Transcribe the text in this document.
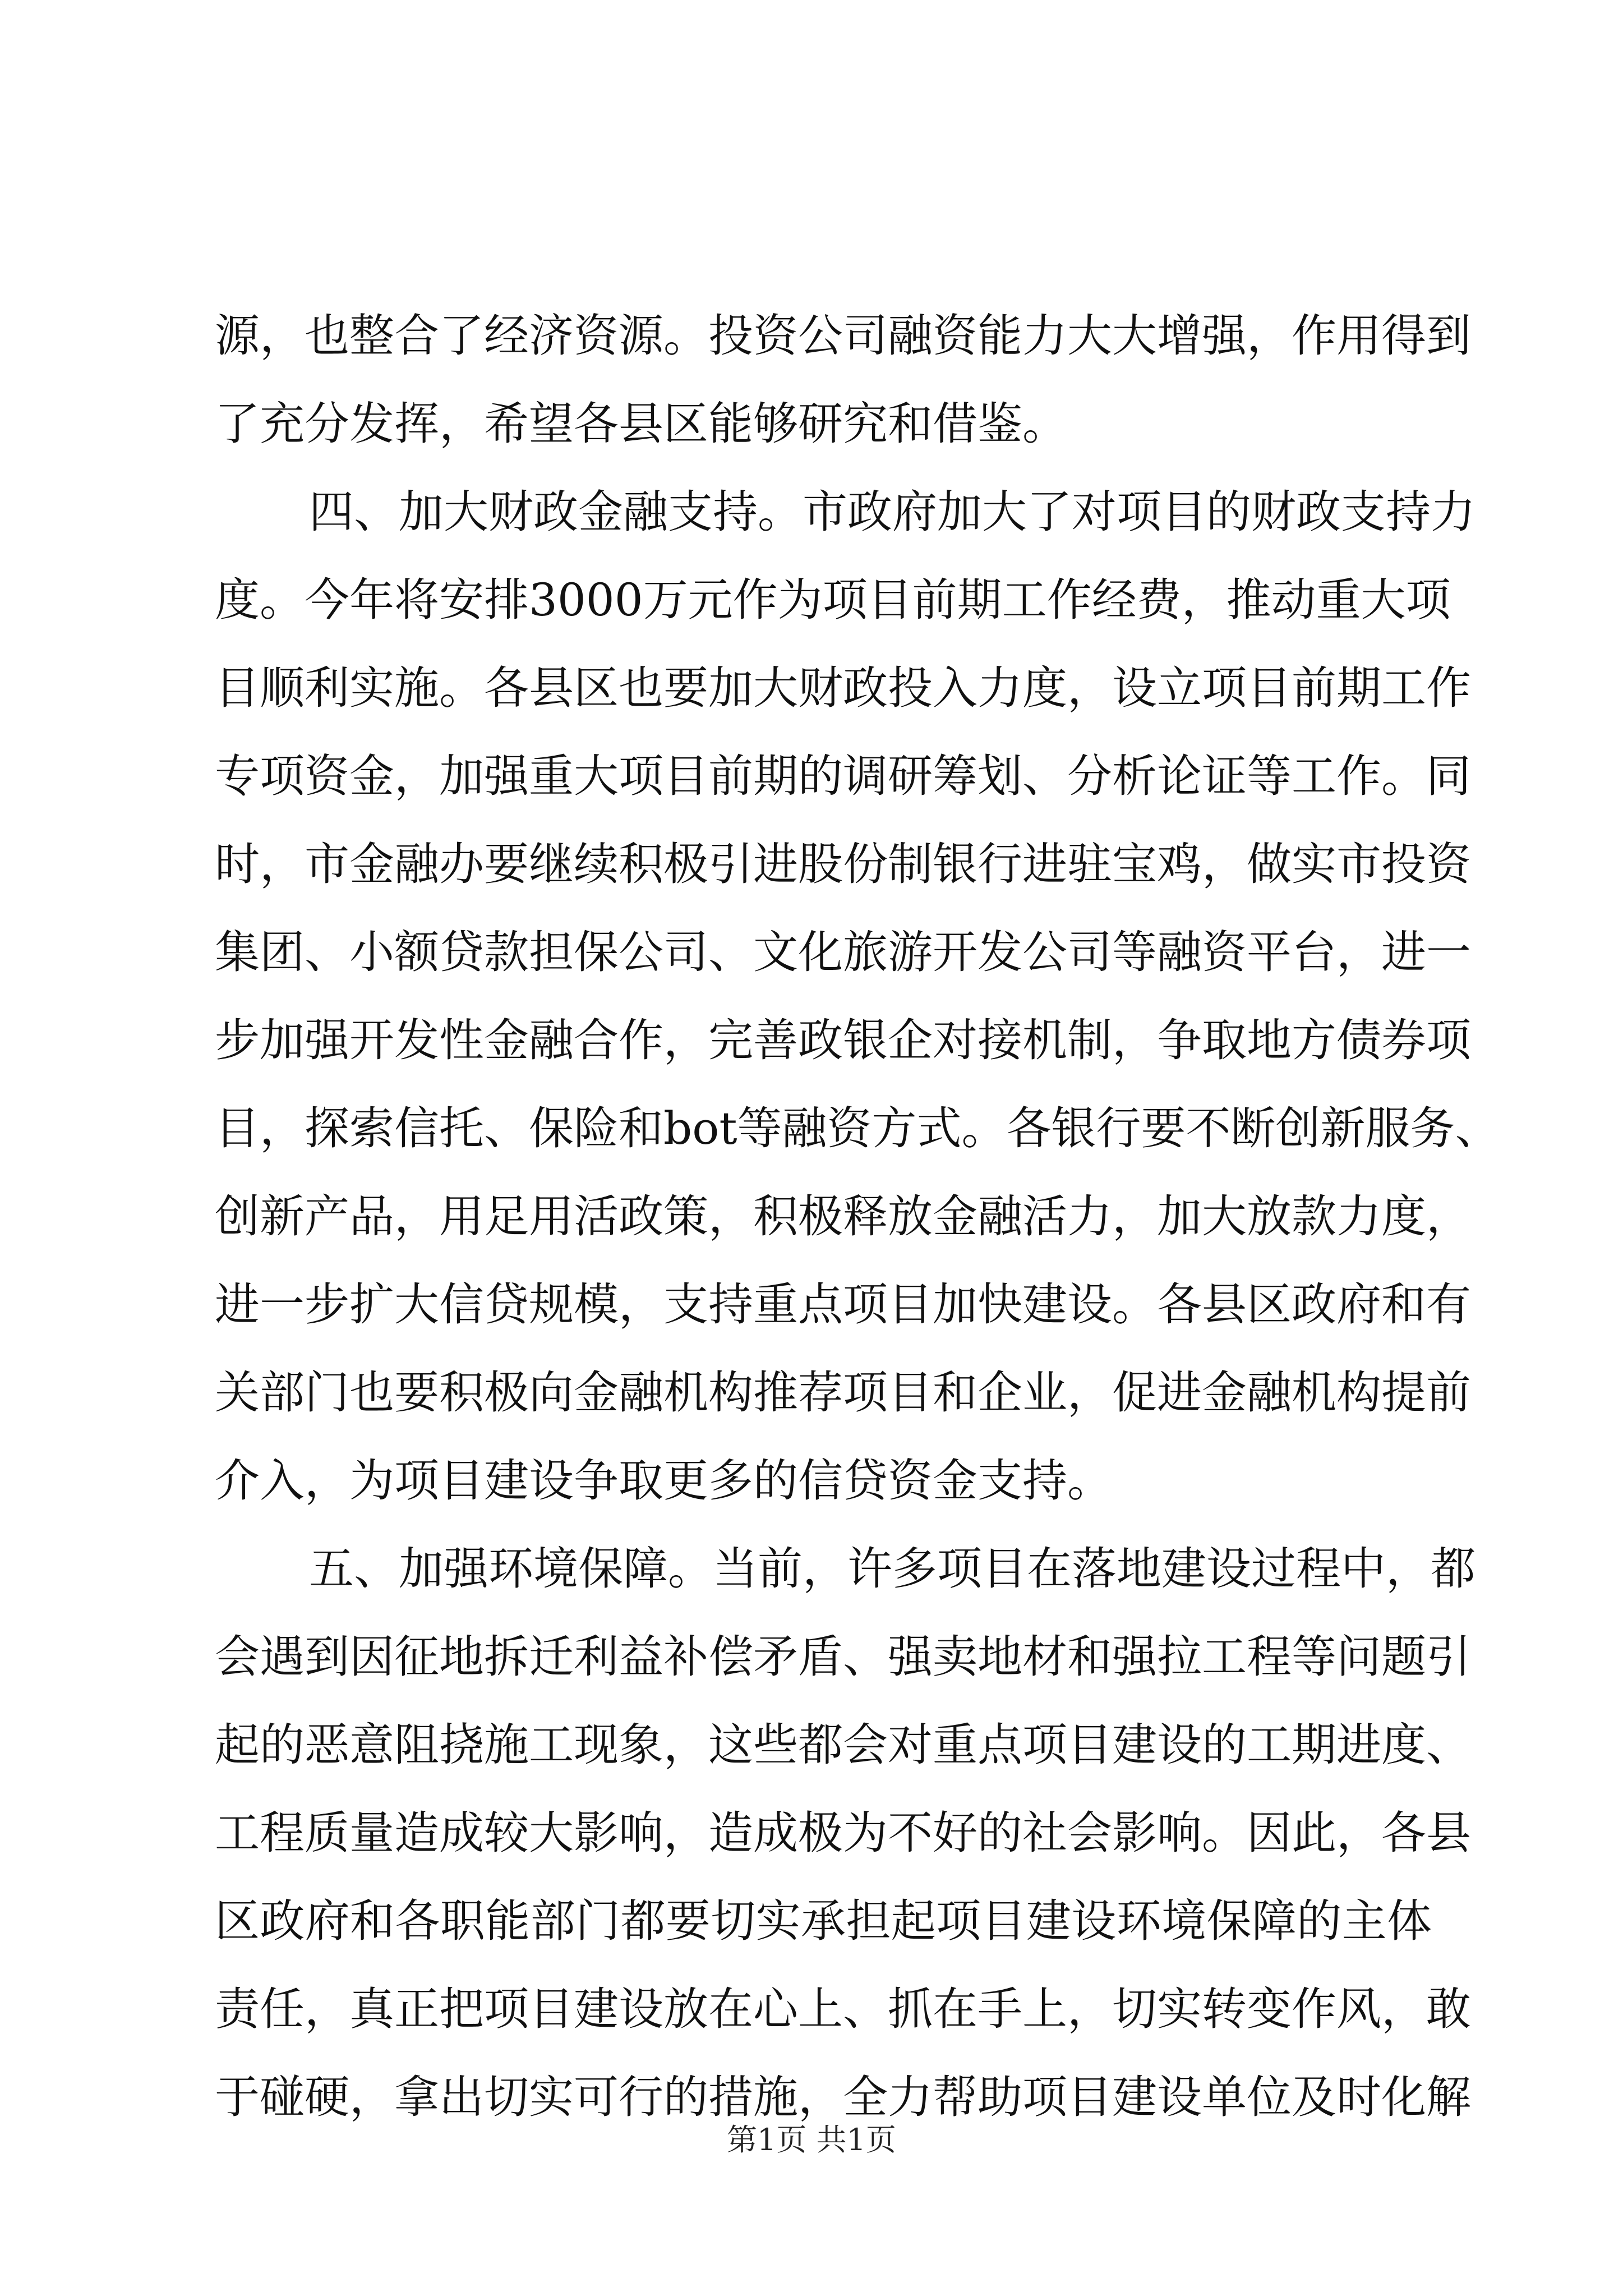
源，也整合了经济资源。投资公司融资能力大大增强，作用得到
了充分发挥，希望各县区能够研究和借鉴。
四、加大财政金融支持。市政府加大了对项目的财政支持力
度。今年将安排3000万元作为项目前期工作经费，推动重大项
目顺利实施。各县区也要加大财政投入力度，设立项目前期工作
专项资金，加强重大项目前期的调研筹划、分析论证等工作。同
时，市金融办要继续积极引进股份制银行进驻宝鸡，做实市投资
集团、小额贷款担保公司、文化旅游开发公司等融资平台，进一
步加强开发性金融合作，完善政银企对接机制，争取地方债券项
目，探索信托、保险和bot等融资方式。各银行要不断创新服务、
创新产品，用足用活政策，积极释放金融活力，加大放款力度，
进一步扩大信贷规模，支持重点项目加快建设。各县区政府和有
关部门也要积极向金融机构推荐项目和企业，促进金融机构提前
介入，为项目建设争取更多的信贷资金支持。
五、加强环境保障。当前，许多项目在落地建设过程中，都
会遇到因征地拆迁利益补偿矛盾、强卖地材和强拉工程等问题引
起的恶意阻挠施工现象，这些都会对重点项目建设的工期进度、
工程质量造成较大影响，造成极为不好的社会影响。因此，各县
区政府和各职能部门都要切实承担起项目建设环境保障的主体
责任，真正把项目建设放在心上、抓在手上，切实转变作风，敢
于碰硬，拿出切实可行的措施，全力帮助项目建设单位及时化解
第1页 共1页
